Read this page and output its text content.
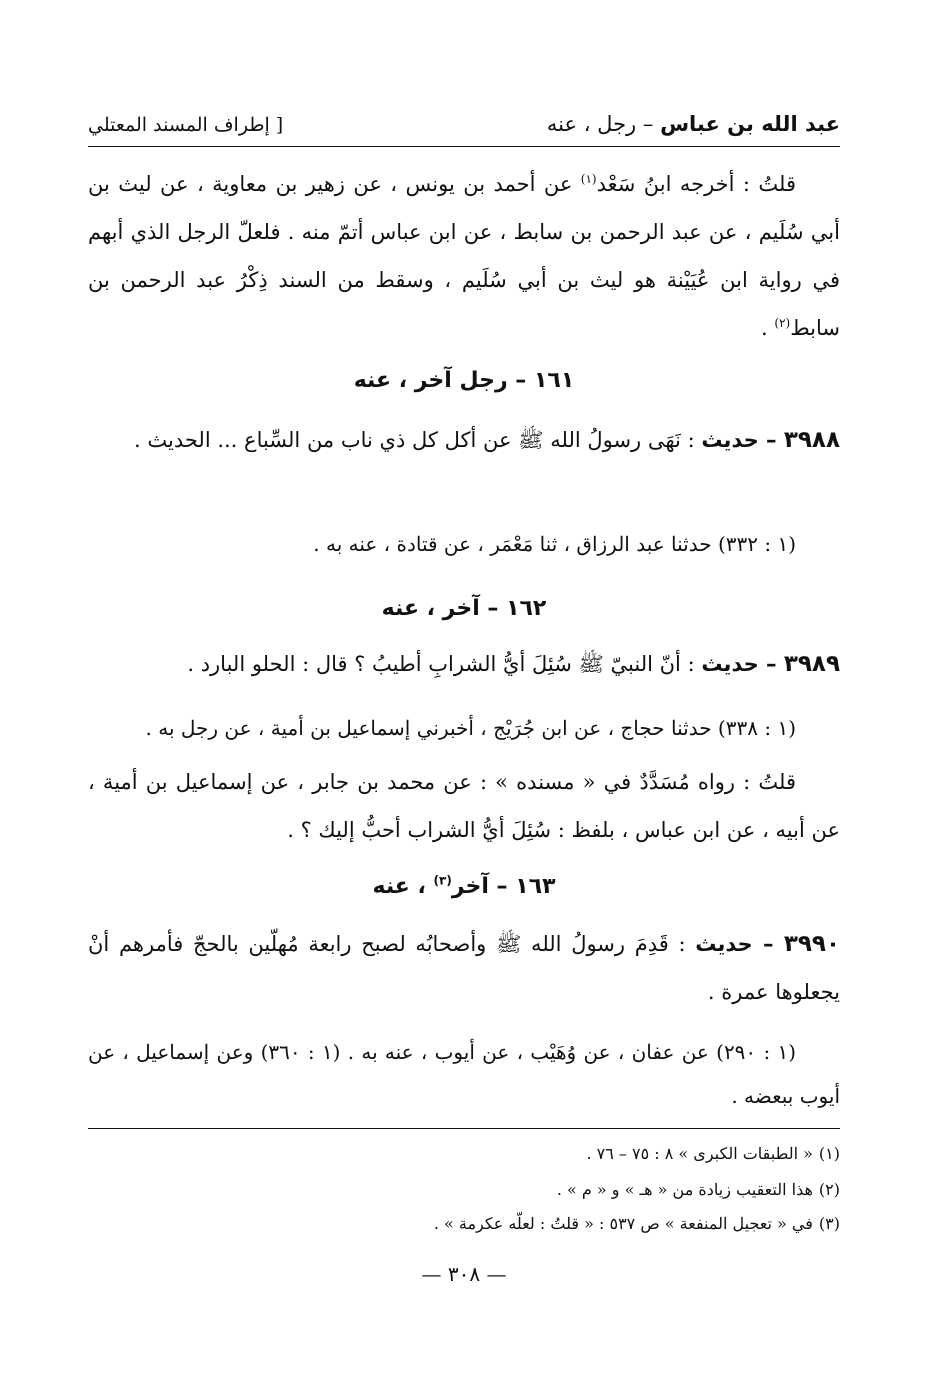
عبد الله بن عباس – رجل ، عنه
[ إطراف المسند المعتلي
قلتُ : أخرجه ابنُ سَعْد$^{(١)}$ عن أحمد بن يونس ، عن زهير بن معاوية ، عن ليث بن أبي سُلَيم ، عن عبد الرحمن بن سابط ، عن ابن عباس أتمّ منه . فلعلّ الرجل الذي أبهم في رواية ابن عُيَيْنة هو ليث بن أبي سُلَيم ، وسقط من السند ذِكْرُ عبد الرحمن بن سابط$^{(٢)}$ .
١٦١ – رجل آخر ، عنه
٣٩٨٨ – حديث : نَهَى رسولُ الله ﷺ عن أكل كل ذي ناب من السِّباع ... الحديث .
(١ : ٣٣٢) حدثنا عبد الرزاق ، ثنا مَعْمَر ، عن قتادة ، عنه به .
١٦٢ – آخر ، عنه
٣٩٨٩ – حديث : أنّ النبيّ ﷺ سُئِلَ أيُّ الشرابِ أطيبُ ؟ قال : الحلو البارد .
(١ : ٣٣٨) حدثنا حجاج ، عن ابن جُرَيْج ، أخبرني إسماعيل بن أمية ، عن رجل به .
قلتُ : رواه مُسَدَّدٌ في « مسنده » : عن محمد بن جابر ، عن إسماعيل بن أمية ، عن أبيه ، عن ابن عباس ، بلفظ : سُئِلَ أيُّ الشراب أحبُّ إليك ؟ .
١٦٣ – آخر$^{(٣)}$ ، عنه
٣٩٩٠ – حديث : قَدِمَ رسولُ الله ﷺ وأصحابُه لصبح رابعة مُهلّين بالحجّ فأمرهم أنْ يجعلوها عمرة .
(١ : ٢٩٠) عن عفان ، عن وُهَيْب ، عن أيوب ، عنه به . (١ : ٣٦٠) وعن إسماعيل ، عن أيوب ببعضه .
(١)« الطبقات الكبرى » ٨ : ٧٥ – ٧٦ .
(٢)هذا التعقيب زيادة من « هـ » و « م » .
(٣)في « تعجيل المنفعة » ص ٥٣٧ : « قلتُ : لعلّه عكرمة » .
— ٣٠٨ —
